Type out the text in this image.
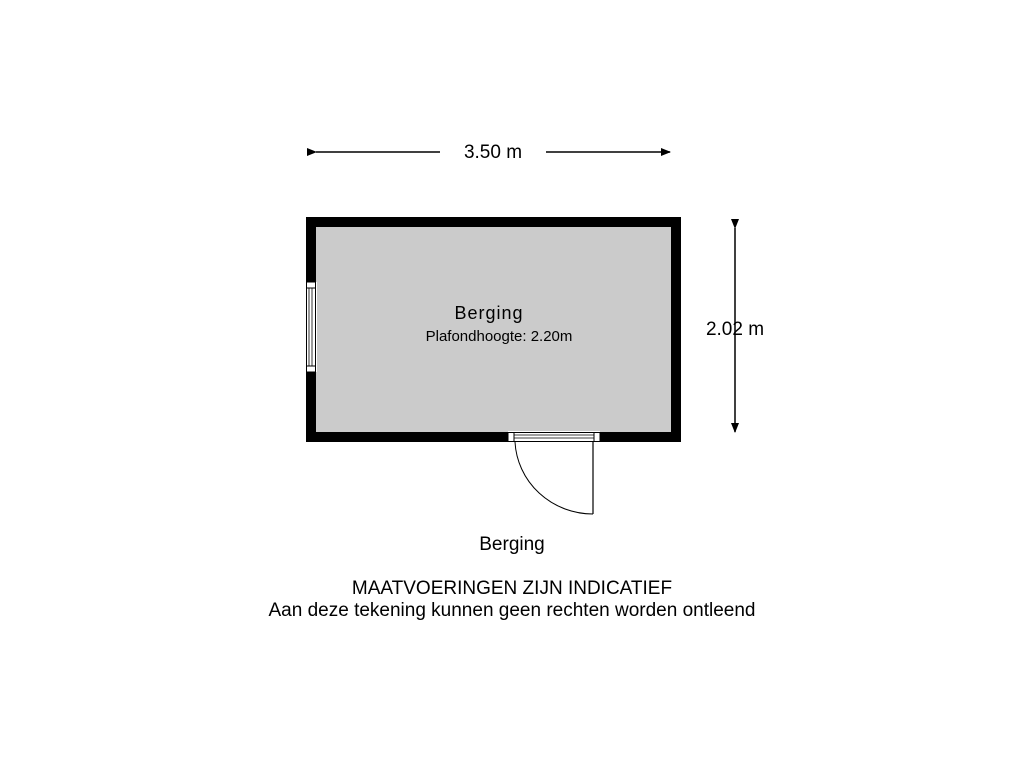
3.50 m
2.02 m
Berging
Plafondhoogte: 2.20m
Berging
MAATVOERINGEN ZIJN INDICATIEF
Aan deze tekening kunnen geen rechten worden ontleend
